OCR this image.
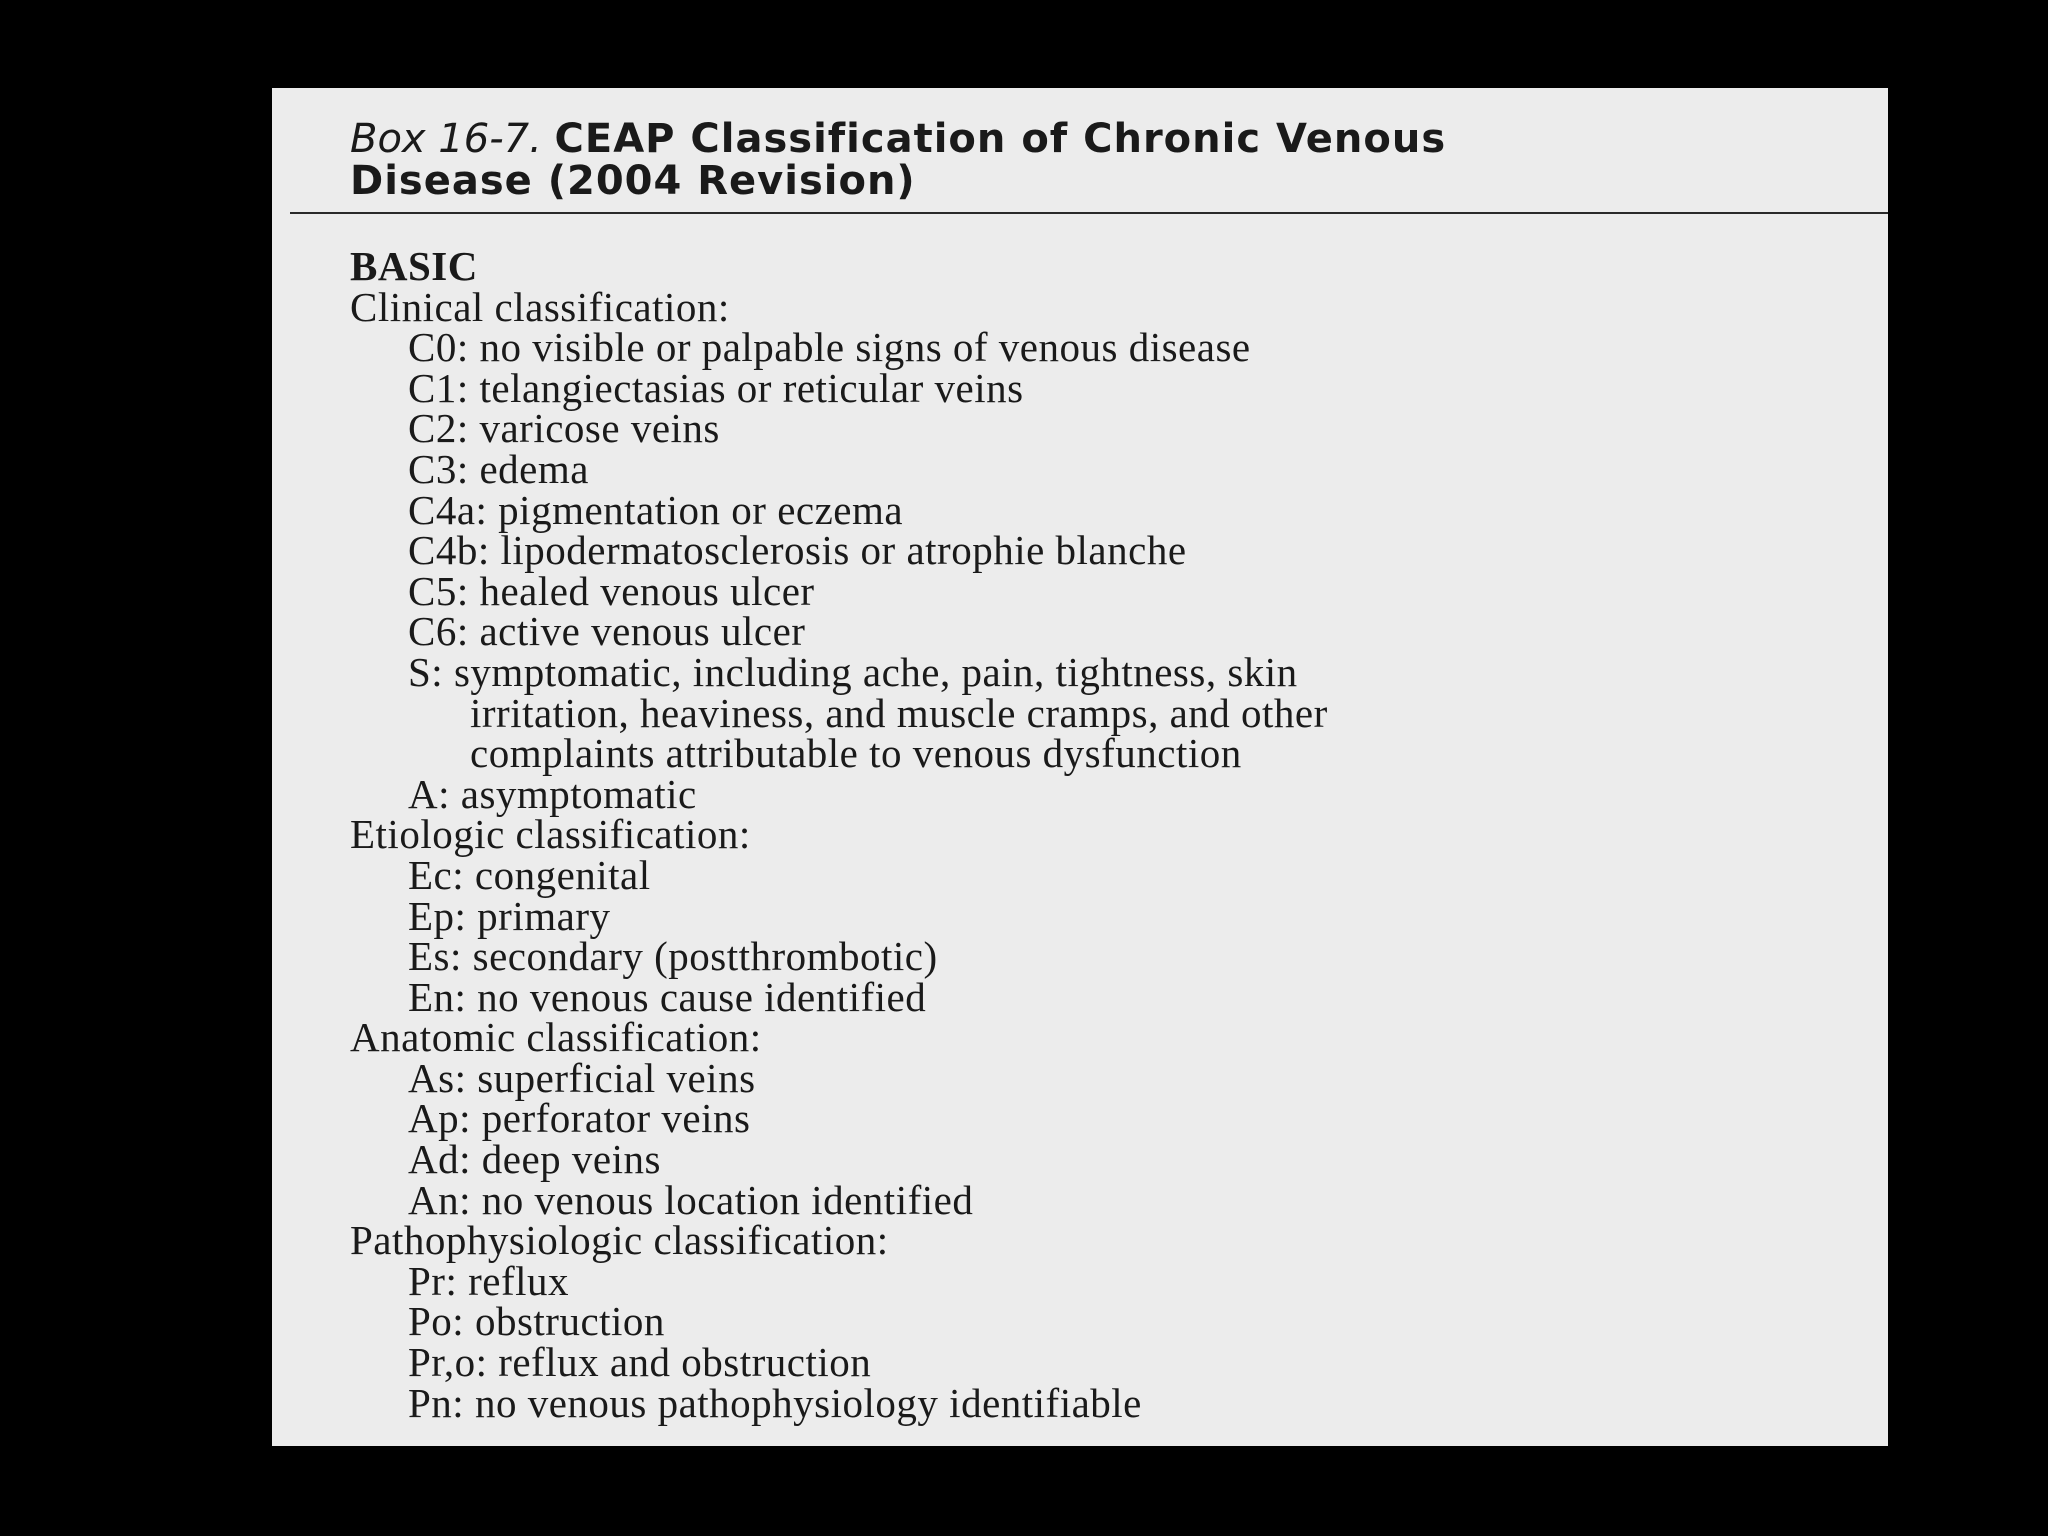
Box 16-7. CEAP Classification of Chronic Venous
Disease (2004 Revision)
BASIC
Clinical classification:
C0: no visible or palpable signs of venous disease
C1: telangiectasias or reticular veins
C2: varicose veins
C3: edema
C4a: pigmentation or eczema
C4b: lipodermatosclerosis or atrophie blanche
C5: healed venous ulcer
C6: active venous ulcer
S: symptomatic, including ache, pain, tightness, skin
irritation, heaviness, and muscle cramps, and other
complaints attributable to venous dysfunction
A: asymptomatic
Etiologic classification:
Ec: congenital
Ep: primary
Es: secondary (postthrombotic)
En: no venous cause identified
Anatomic classification:
As: superficial veins
Ap: perforator veins
Ad: deep veins
An: no venous location identified
Pathophysiologic classification:
Pr: reflux
Po: obstruction
Pr,o: reflux and obstruction
Pn: no venous pathophysiology identifiable
